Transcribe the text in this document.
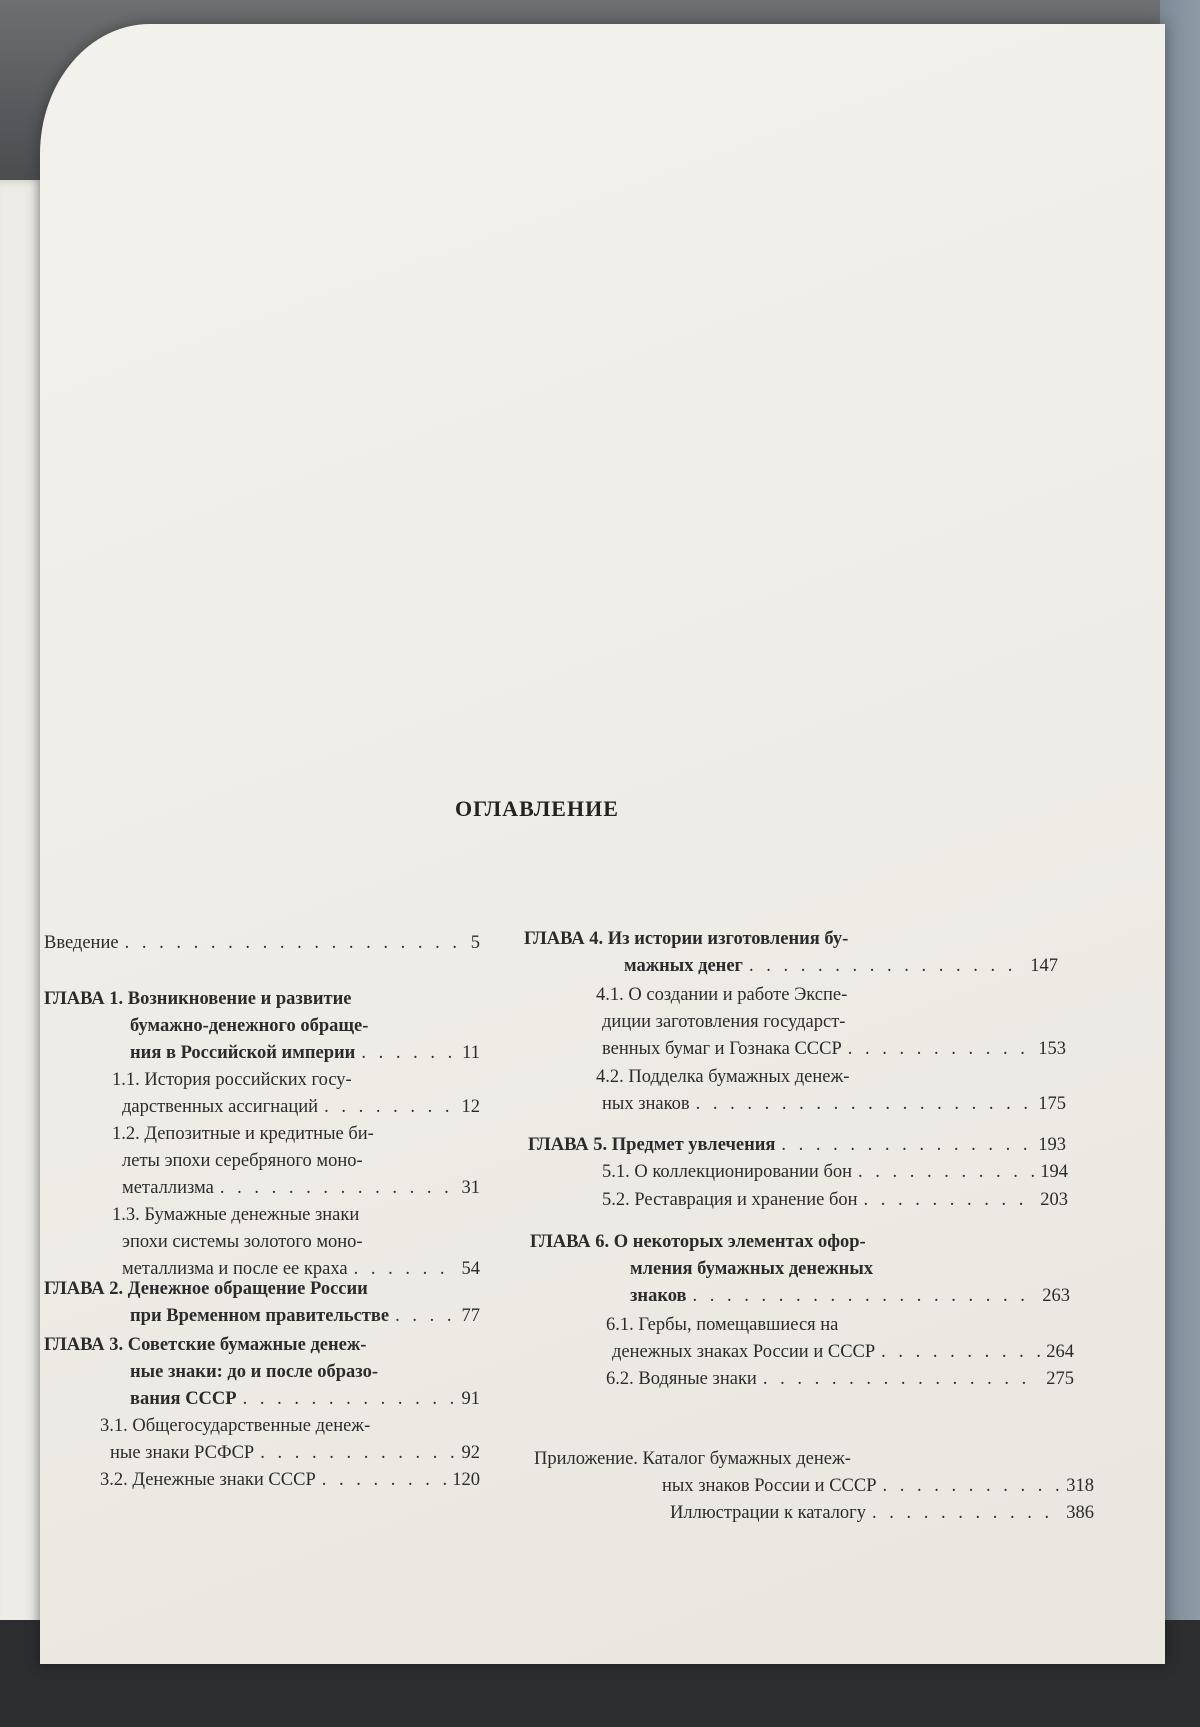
ОГЛАВЛЕНИЕ
Введение . . .	5
ГЛАВА 1. Возникновение и развитие
бумажно-денежного обраще-
ния в Российской империи . . .	11
1.1. История российских госу-
дарственных ассигнаций . . .	12
1.2. Депозитные и кредитные би-
леты эпохи серебряного моно-
металлизма . . .	31
1.3. Бумажные денежные знаки
эпохи системы золотого моно-
металлизма и после ее краха . . .	54
ГЛАВА 2. Денежное обращение России
при Временном правительстве . . .	77
ГЛАВА 3. Советские бумажные денеж-
ные знаки: до и после образо-
вания СССР . . .	91
3.1. Общегосударственные денеж-
ные знаки РСФСР . . .	92
3.2. Денежные знаки СССР . . .	120
ГЛАВА 4. Из истории изготовления бу-
мажных денег . . .	147
4.1. О создании и работе Экспе-
диции заготовления государст-
венных бумаг и Гознака СССР . . .	153
4.2. Подделка бумажных денеж-
ных знаков . . .	175
ГЛАВА 5. Предмет увлечения . . .	193
5.1. О коллекционировании бон . . .	194
5.2. Реставрация и хранение бон . . .	203
ГЛАВА 6. О некоторых элементах офор-
мления бумажных денежных
знаков . . .	263
6.1. Гербы, помещавшиеся на
денежных знаках России и СССР . . .	264
6.2. Водяные знаки . . .	275
Приложение. Каталог бумажных денеж-
ных знаков России и СССР . . .	318
Иллюстрации к каталогу . . .	386
